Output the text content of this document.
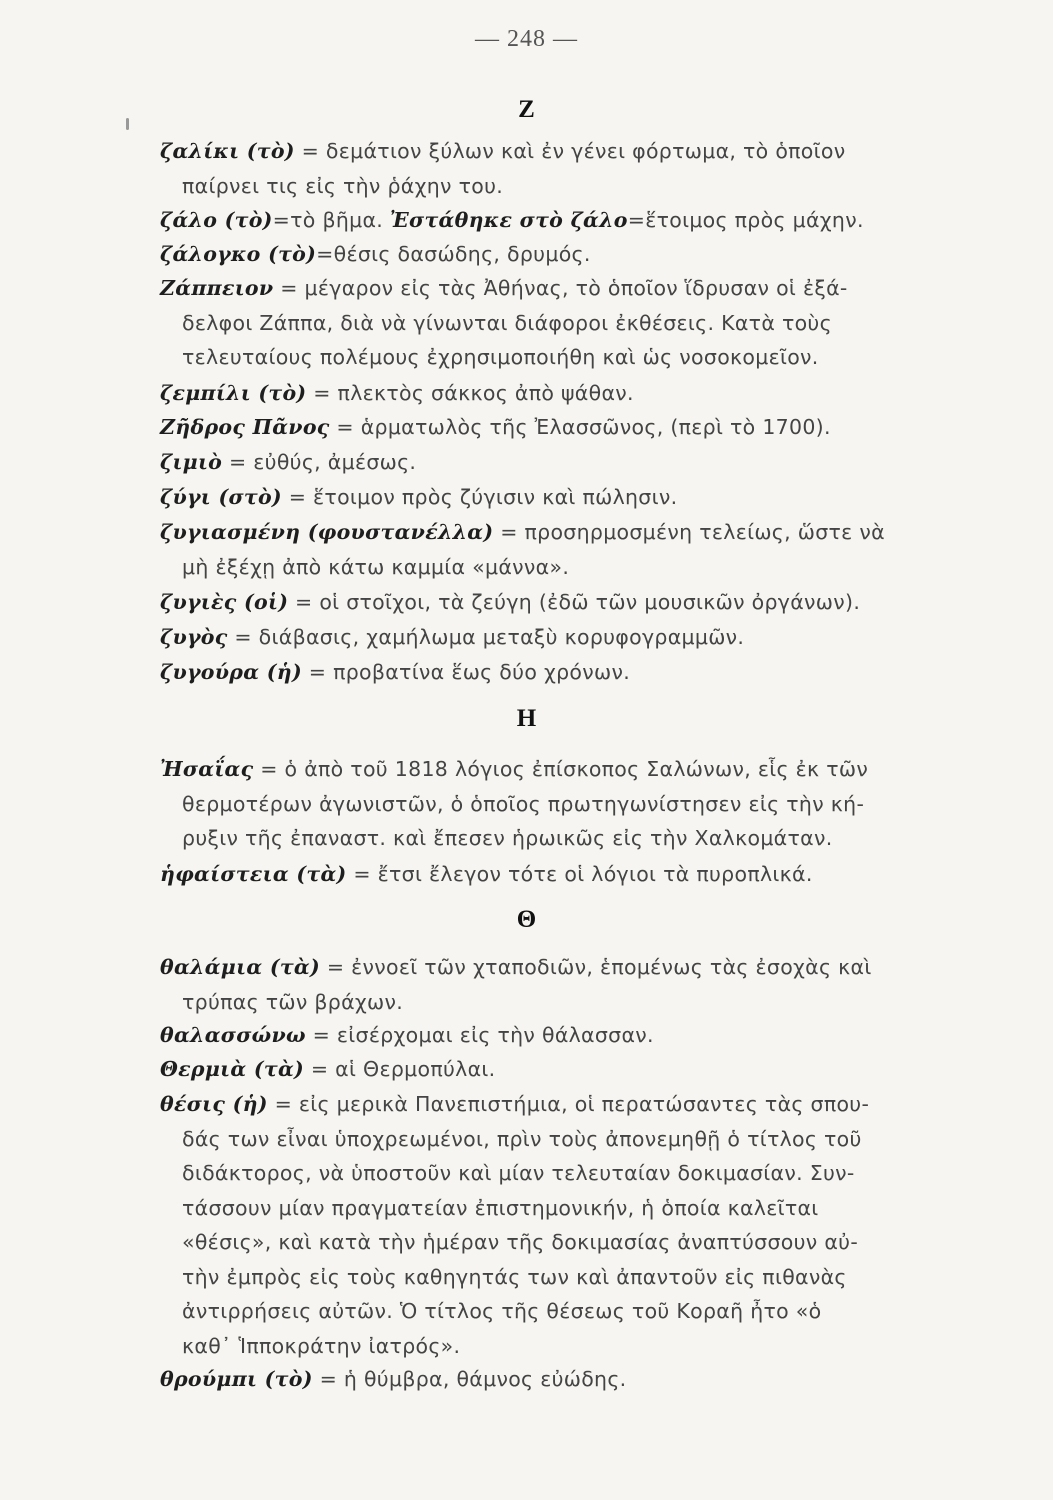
— 248 —
Z
ζαλίκι (τὸ) = δεμάτιον ξύλων καὶ ἐν γένει φόρτωμα, τὸ ὁποῖον
παίρνει τις εἰς τὴν ῥάχην του.
ζάλο (τὸ)=τὸ βῆμα. Ἐστάθηκε στὸ ζάλο=ἕτοιμος πρὸς μάχην.
ζάλογκο (τὸ)=θέσις δασώδης, δρυμός.
Ζάππειον = μέγαρον εἰς τὰς Ἀθήνας, τὸ ὁποῖον ἵδρυσαν οἱ ἐξά-
δελφοι Ζάππα, διὰ νὰ γίνωνται διάφοροι ἐκθέσεις. Κατὰ τοὺς
τελευταίους πολέμους ἐχρησιμοποιήθη καὶ ὡς νοσοκομεῖον.
ζεμπίλι (τὸ) = πλεκτὸς σάκκος ἀπὸ ψάθαν.
Ζῆδρος Πᾶνος = ἁρματωλὸς τῆς Ἐλασσῶνος, (περὶ τὸ 1700).
ζιμιὸ = εὐθύς, ἀμέσως.
ζύγι (στὸ) = ἕτοιμον πρὸς ζύγισιν καὶ πώλησιν.
ζυγιασμένη (φουστανέλλα) = προσηρμοσμένη τελείως, ὥστε νὰ
μὴ ἐξέχῃ ἀπὸ κάτω καμμία «μάννα».
ζυγιὲς (οἱ) = οἱ στοῖχοι, τὰ ζεύγη (ἐδῶ τῶν μουσικῶν ὀργάνων).
ζυγὸς = διάβασις, χαμήλωμα μεταξὺ κορυφογραμμῶν.
ζυγούρα (ἡ) = προβατίνα ἕως δύο χρόνων.
H
Ἠσαΐας = ὁ ἀπὸ τοῦ 1818 λόγιος ἐπίσκοπος Σαλώνων, εἷς ἐκ τῶν
θερμοτέρων ἀγωνιστῶν, ὁ ὁποῖος πρωτηγωνίστησεν εἰς τὴν κή-
ρυξιν τῆς ἐπαναστ. καὶ ἔπεσεν ἡρωικῶς εἰς τὴν Χαλκομάταν.
ἡφαίστεια (τὰ) = ἔτσι ἔλεγον τότε οἱ λόγιοι τὰ πυροπλικά.
Θ
θαλάμια (τὰ) = ἐννοεῖ τῶν χταποδιῶν, ἑπομένως τὰς ἐσοχὰς καὶ
τρύπας τῶν βράχων.
θαλασσώνω = εἰσέρχομαι εἰς τὴν θάλασσαν.
Θερμιὰ (τὰ) = αἱ Θερμοπύλαι.
θέσις (ἡ) = εἰς μερικὰ Πανεπιστήμια, οἱ περατώσαντες τὰς σπου-
δάς των εἶναι ὑποχρεωμένοι, πρὶν τοὺς ἀπονεμηθῇ ὁ τίτλος τοῦ
διδάκτορος, νὰ ὑποστοῦν καὶ μίαν τελευταίαν δοκιμασίαν. Συν-
τάσσουν μίαν πραγματείαν ἐπιστημονικήν, ἡ ὁποία καλεῖται
«θέσις», καὶ κατὰ τὴν ἡμέραν τῆς δοκιμασίας ἀναπτύσσουν αὐ-
τὴν ἐμπρὸς εἰς τοὺς καθηγητάς των καὶ ἀπαντοῦν εἰς πιθανὰς
ἀντιρρήσεις αὐτῶν. Ὁ τίτλος τῆς θέσεως τοῦ Κοραῆ ἦτο «ὁ
καθ᾽ Ἱπποκράτην ἰατρός».
θρούμπι (τὸ) = ἡ θύμβρα, θάμνος εὐώδης.
